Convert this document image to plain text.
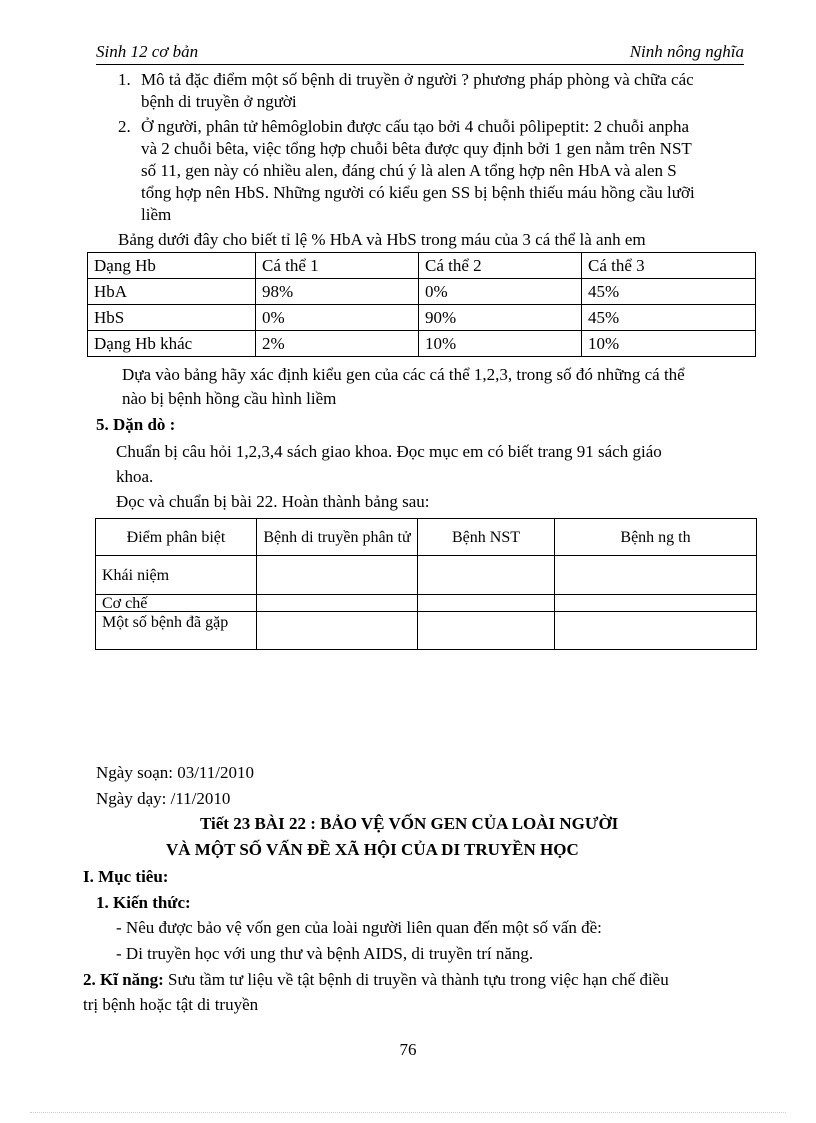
Sinh 12 cơ bản	Ninh nông nghĩa
1. Mô tả đặc điểm một số bệnh di truyền ở người ? phương pháp phòng và chữa các
bệnh di truyền ở người
2. Ở người, phân tử hêmôglobin được cấu tạo bởi 4 chuỗi pôlipeptit: 2 chuỗi anpha
và 2 chuỗi bêta, việc tổng hợp chuỗi bêta được quy định bởi 1 gen nằm trên NST
số 11, gen này có nhiều alen, đáng chú ý là alen A tổng hợp nên HbA và alen S
tổng hợp nên HbS. Những người có kiểu gen SS bị bệnh thiếu máu hồng cầu lưỡi
liềm
Bảng dưới đây cho biết tỉ lệ % HbA và HbS trong máu của 3 cá thể là anh em
Dạng Hb	Cá thể 1	Cá thể 2	Cá thể 3
HbA	98%	0%	45%
HbS	0%	90%	45%
Dạng Hb khác	2%	10%	10%
Dựa vào bảng hãy xác định kiểu gen của các cá thể 1,2,3, trong số đó những cá thể
nào bị bệnh hồng cầu hình liềm
5. Dặn dò :
Chuẩn bị câu hỏi 1,2,3,4 sách giao khoa. Đọc mục em có biết trang 91 sách giáo
khoa.
Đọc và chuẩn bị bài 22. Hoàn thành bảng sau:
Điểm phân biệt	Bệnh di truyền phân tử	Bệnh NST	Bệnh ng th
Khái niệm			
Cơ chế			
Một số bệnh đã gặp			
Ngày soạn: 03/11/2010
Ngày dạy: /11/2010
Tiết 23 BÀI 22 : BẢO VỆ VỐN GEN CỦA LOÀI NGƯỜI
VÀ MỘT SỐ VẤN ĐỀ XÃ HỘI CỦA DI TRUYỀN HỌC
I. Mục tiêu:
1. Kiến thức:
- Nêu được bảo vệ vốn gen của loài người liên quan đến một số vấn đề:
- Di truyền học với ung thư và bệnh AIDS, di truyền trí năng.
2. Kĩ năng: Sưu tầm tư liệu về tật bệnh di truyền và thành tựu trong việc hạn chế điều
trị bệnh hoặc tật di truyền
76
